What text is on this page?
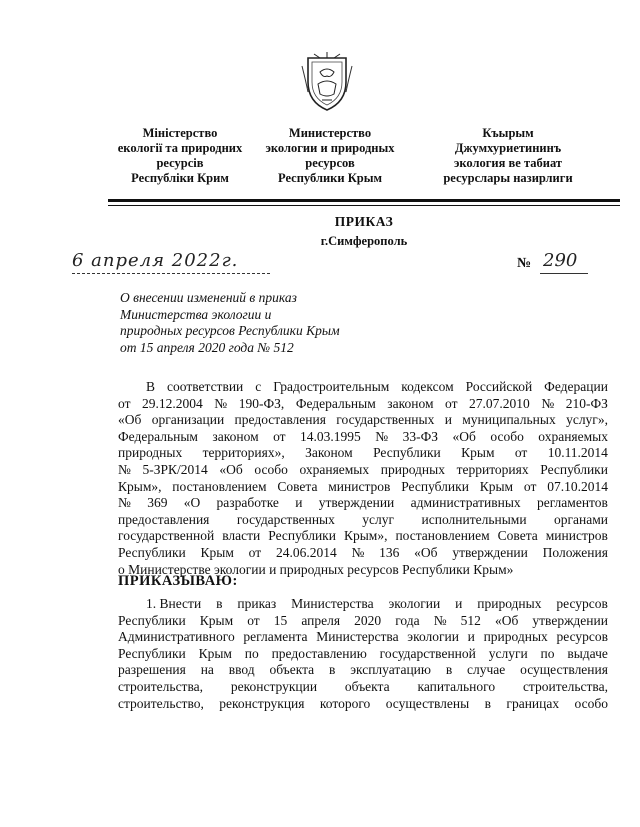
Міністерство
екології та природних
ресурсів
Республіки Крим
Министерство
экологии и природных
ресурсов
Республики Крым
Къырым
Джумхуриетининъ
экология ве табиат
ресурслары назирлиги
ПРИКАЗ
г.Симферополь
6 апреля 2022г.	№ 290
О внесении изменений в приказ
Министерства экологии и
природных ресурсов Республики Крым
от 15 апреля 2020 года № 512
В соответствии с Градостроительным кодексом Российской Федерации
от 29.12.2004 № 190-ФЗ, Федеральным законом от 27.07.2010 № 210-ФЗ
«Об организации предоставления государственных и муниципальных услуг»,
Федеральным законом от 14.03.1995 № 33-ФЗ «Об особо охраняемых
природных территориях», Законом Республики Крым от 10.11.2014
№ 5-ЗРК/2014 «Об особо охраняемых природных территориях Республики
Крым», постановлением Совета министров Республики Крым от 07.10.2014
№ 369 «О разработке и утверждении административных регламентов
предоставления государственных услуг исполнительными органами
государственной власти Республики Крым», постановлением Совета министров
Республики Крым от 24.06.2014 № 136 «Об утверждении Положения
о Министерстве экологии и природных ресурсов Республики Крым»
ПРИКАЗЫВАЮ:
1. Внести в приказ Министерства экологии и природных ресурсов
Республики Крым от 15 апреля 2020 года № 512 «Об утверждении
Административного регламента Министерства экологии и природных ресурсов
Республики Крым по предоставлению государственной услуги по выдаче
разрешения на ввод объекта в эксплуатацию в случае осуществления
строительства, реконструкции объекта капитального строительства,
строительство, реконструкция которого осуществлены в границах особо
